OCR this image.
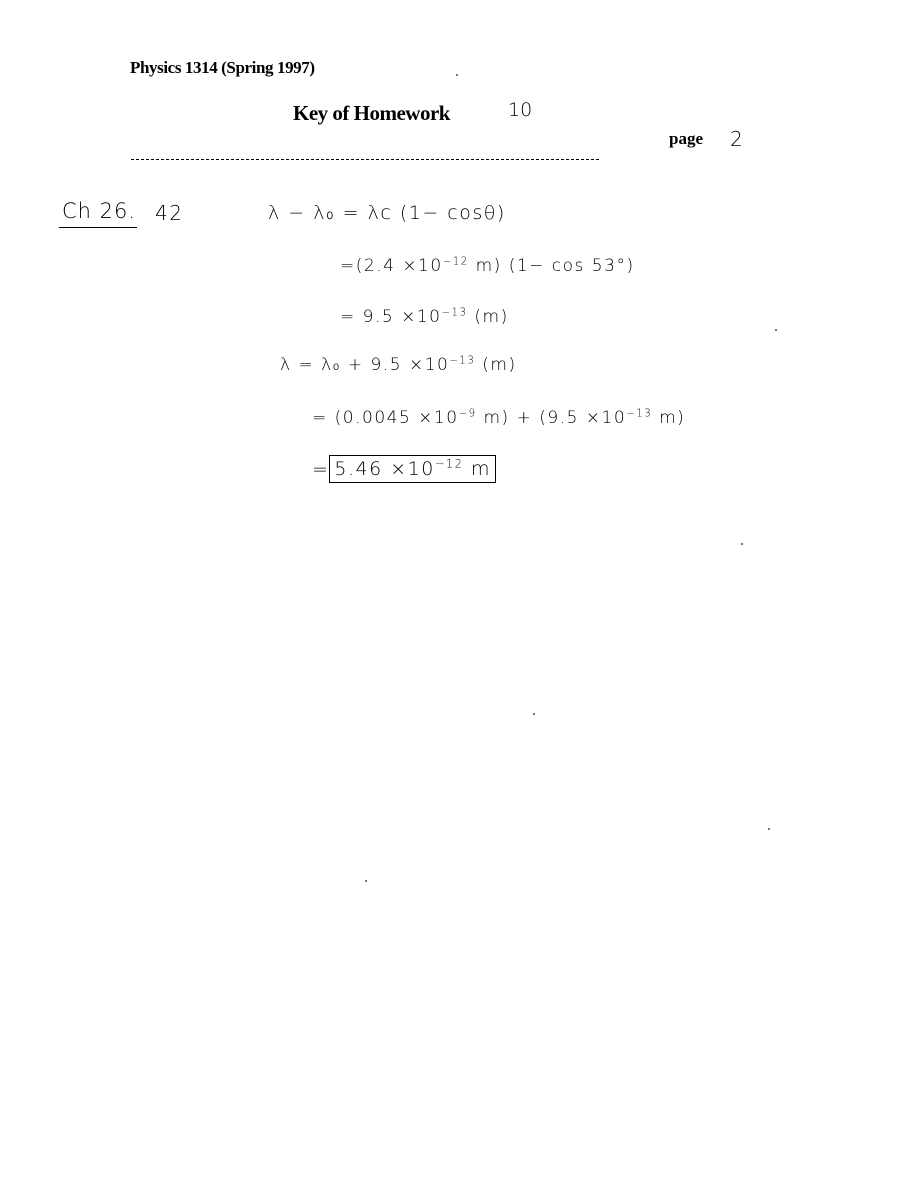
Physics 1314 (Spring 1997)
Key of Homework	10
page 2
Ch 26. 42	λ − λ₀ = λc (1− cosθ)
$=(2.4 \times 10^{-12}$ m) (1− cos 53°)
= $9.5 \times 10^{-13}$ (m)
$\lambda = \lambda_0 + 9.5 \times 10^{-13}$ (m)
= ($0.0045 \times 10^{-9}$ $m) + (9.5 \times 10^{-13}$ m)
= $5.46 \times 10^{-12}$ m
